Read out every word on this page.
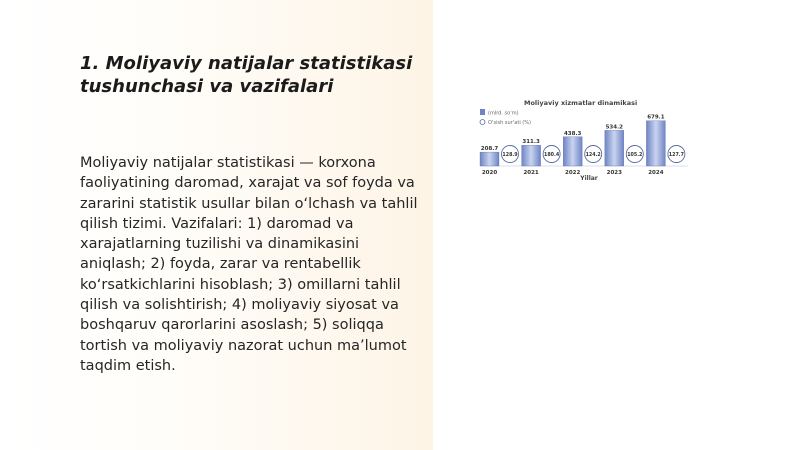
1. Moliyaviy natijalar statistikasi tushunchasi va vazifalari

Moliyaviy natijalar statistikasi — korxona faoliyatining daromad, xarajat va sof foyda va zararini statistik usullar bilan o‘lchash va tahlil qilish tizimi. Vazifalari: 1) daromad va xarajatlarning tuzilishi va dinamikasini aniqlash; 2) foyda, zarar va rentabellik ko‘rsatkichlarini hisoblash; 3) omillarni tahlil qilish va solishtirish; 4) moliyaviy siyosat va boshqaruv qarorlarini asoslash; 5) soliqqa tortish va moliyaviy nazorat uchun ma’lumot taqdim etish.

Moliyaviy xizmatlar dinamikasi
(mlrd. so‘m)
O‘sish sur’ati (%)
208.7
2020
128.9
311.3
2021
180.4
438.3
2022
124.2
534.2
2023
105.2
679.1
2024
127.7
Yillar
